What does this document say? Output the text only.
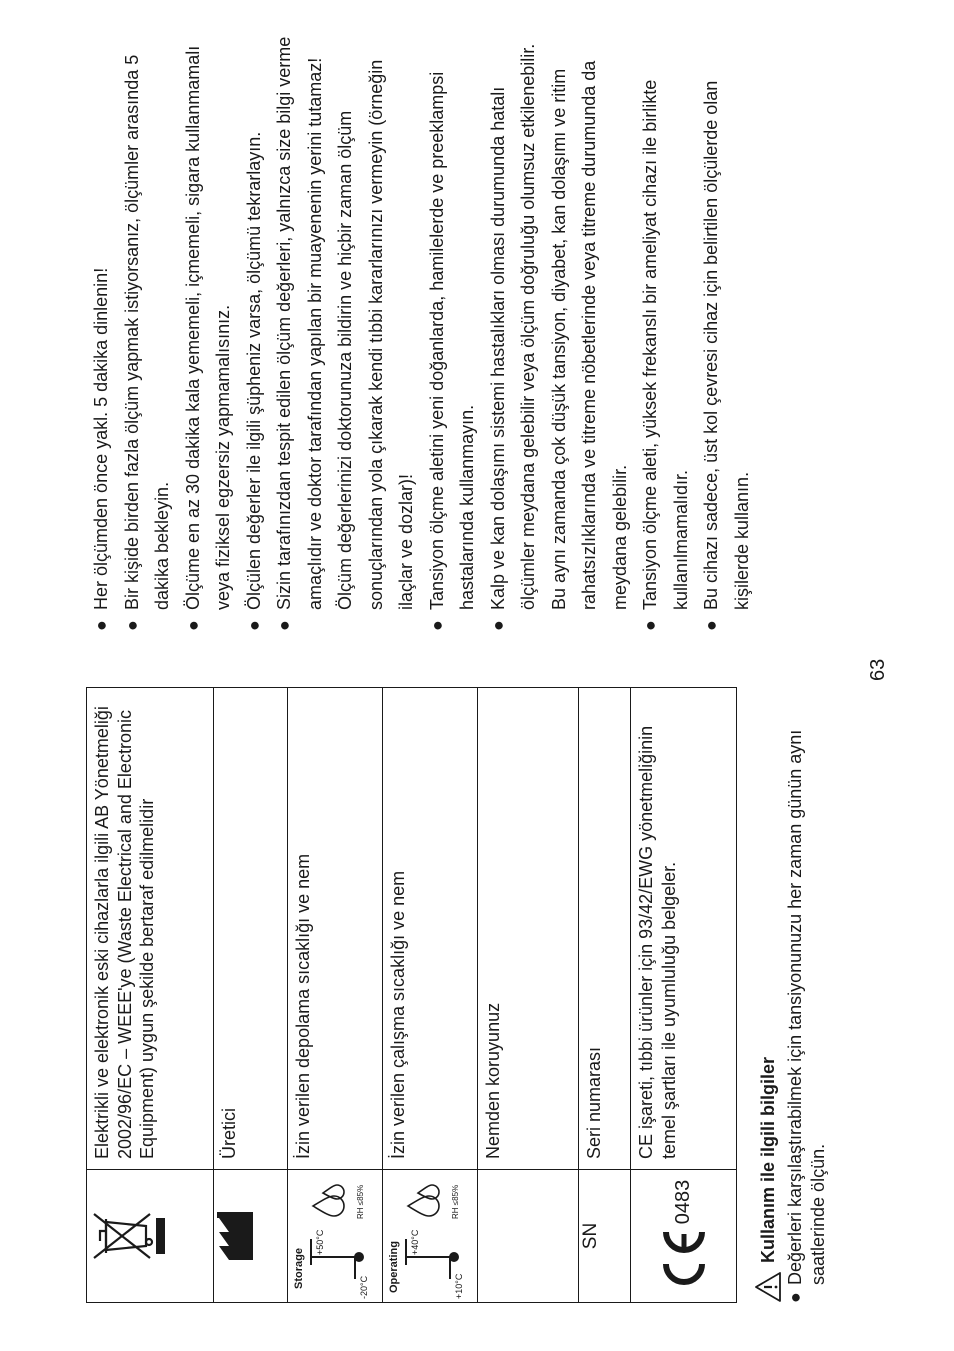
	Elektrikli ve elektronik eski cihazlarla ilgili AB Yönetmeliği 2002/96/EC – WEEE'ye (Waste Electrical and Electronic Equipment) uygun şekilde bertaraf edilmelidir
	Üretici

Storage -20°C
+50°C
RH ≤85%	İzin verilen depolama sıcaklığı ve nem

Operating +10°C
+40°C
RH ≤85%	İzin verilen çalışma sıcaklığı ve nem
	Nemden koruyunuz
SN	Seri numarası

0483	CE işareti, tıbbi ürünler için 93/42/EWG yönetmeliğinin temel şartları ile uyumluluğu belgeler.
Kullanım ile ilgili bilgiler
●
Değerleri karşılaştırabilmek için tansiyonunuzu her zaman günün aynı saatlerinde ölçün.
●
Her ölçümden önce yakl. 5 dakika dinlenin!
●
Bir kişide birden fazla ölçüm yapmak istiyorsanız, ölçümler arasında 5 dakika bekleyin.
●
Ölçüme en az 30 dakika kala yememeli, içmemeli, sigara kullanmamalı veya fiziksel egzersiz yapmamalısınız.
●
Ölçülen değerler ile ilgili şüpheniz varsa, ölçümü tekrarlayın.
●
Sizin tarafınızdan tespit edilen ölçüm değerleri, yalnızca size bilgi verme amaçlıdır ve doktor tarafından yapılan bir muayenenin yerini tutamaz! Ölçüm değerlerinizi doktorunuza bildirin ve hiçbir zaman ölçüm sonuçlarından yola çıkarak kendi tıbbi kararlarınızı vermeyin (örneğin ilaçlar ve dozlar)!
●
Tansiyon ölçme aletini yeni doğanlarda, hamilelerde ve preeklampsi hastalarında kullanmayın.
●
Kalp ve kan dolaşımı sistemi hastalıkları olması durumunda hatalı ölçümler meydana gelebilir veya ölçüm doğruluğu olumsuz etkilenebilir. Bu aynı zamanda çok düşük tansiyon, diyabet, kan dolaşımı ve ritim rahatsızlıklarında ve titreme nöbetlerinde veya titreme durumunda da meydana gelebilir.
●
Tansiyon ölçme aleti, yüksek frekanslı bir ameliyat cihazı ile birlikte kullanılmamalıdır.
●
Bu cihazı sadece, üst kol çevresi cihaz için belirtilen ölçülerde olan kişilerde kullanın.
63
